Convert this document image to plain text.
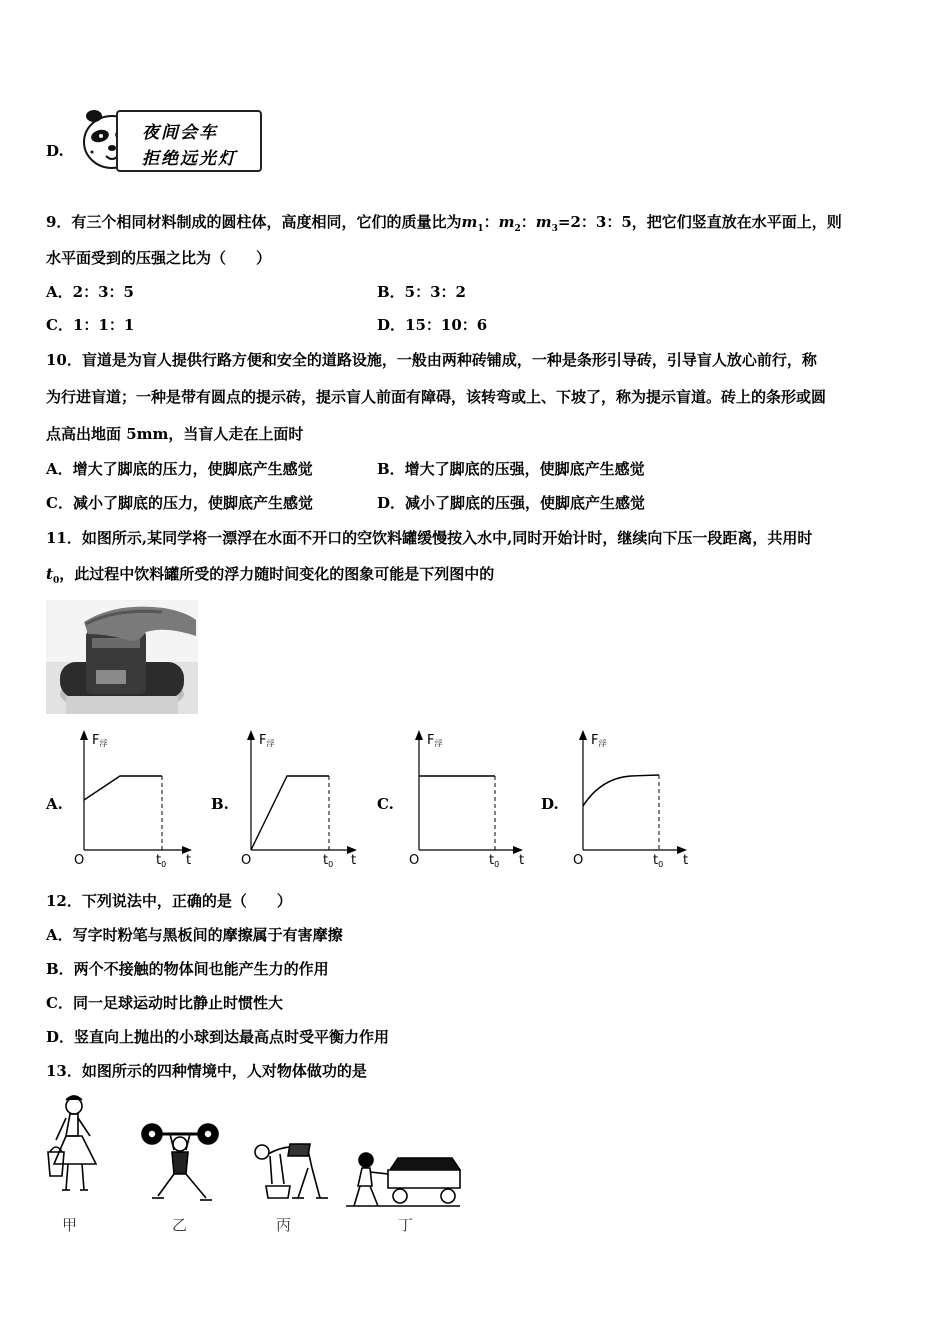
D.
夜间会车
拒绝远光灯
9．有三个相同材料制成的圆柱体，高度相同，它们的质量比为$m_1$：$m_2$：$m_3=2$：3：5，把它们竖直放在水平面上，则
水平面受到的压强之比为（　　）
A．2：3：5	B．5：3：2
C．1：1：1	D．15：10：6
10．盲道是为盲人提供行路方便和安全的道路设施，一般由两种砖铺成，一种是条形引导砖，引导盲人放心前行，称
为行进盲道；一种是带有圆点的提示砖，提示盲人前面有障碍，该转弯或上、下坡了，称为提示盲道。砖上的条形或圆
点高出地面 5mm，当盲人走在上面时
A．增大了脚底的压力，使脚底产生感觉	B．增大了脚底的压强，使脚底产生感觉
C．减小了脚底的压力，使脚底产生感觉	D．减小了脚底的压强，使脚底产生感觉
11．如图所示,某同学将一漂浮在水面不开口的空饮料罐缓慢按入水中,同时开始计时，继续向下压一段距离，共用时
$t_0$，此过程中饮料罐所受的浮力随时间变化的图象可能是下列图中的
A.
F浮
O	$t_0$ t
B.
F浮
O	$t_0$ t
C.
F浮
O	$t_0$ t
D.
F浮
O	$t_0$ t
12．下列说法中，正确的是（　　）
A．写字时粉笔与黑板间的摩擦属于有害摩擦
B．两个不接触的物体间也能产生力的作用
C．同一足球运动时比静止时惯性大
D．竖直向上抛出的小球到达最高点时受平衡力作用
13．如图所示的四种情境中，人对物体做功的是
甲	乙	丙	丁
